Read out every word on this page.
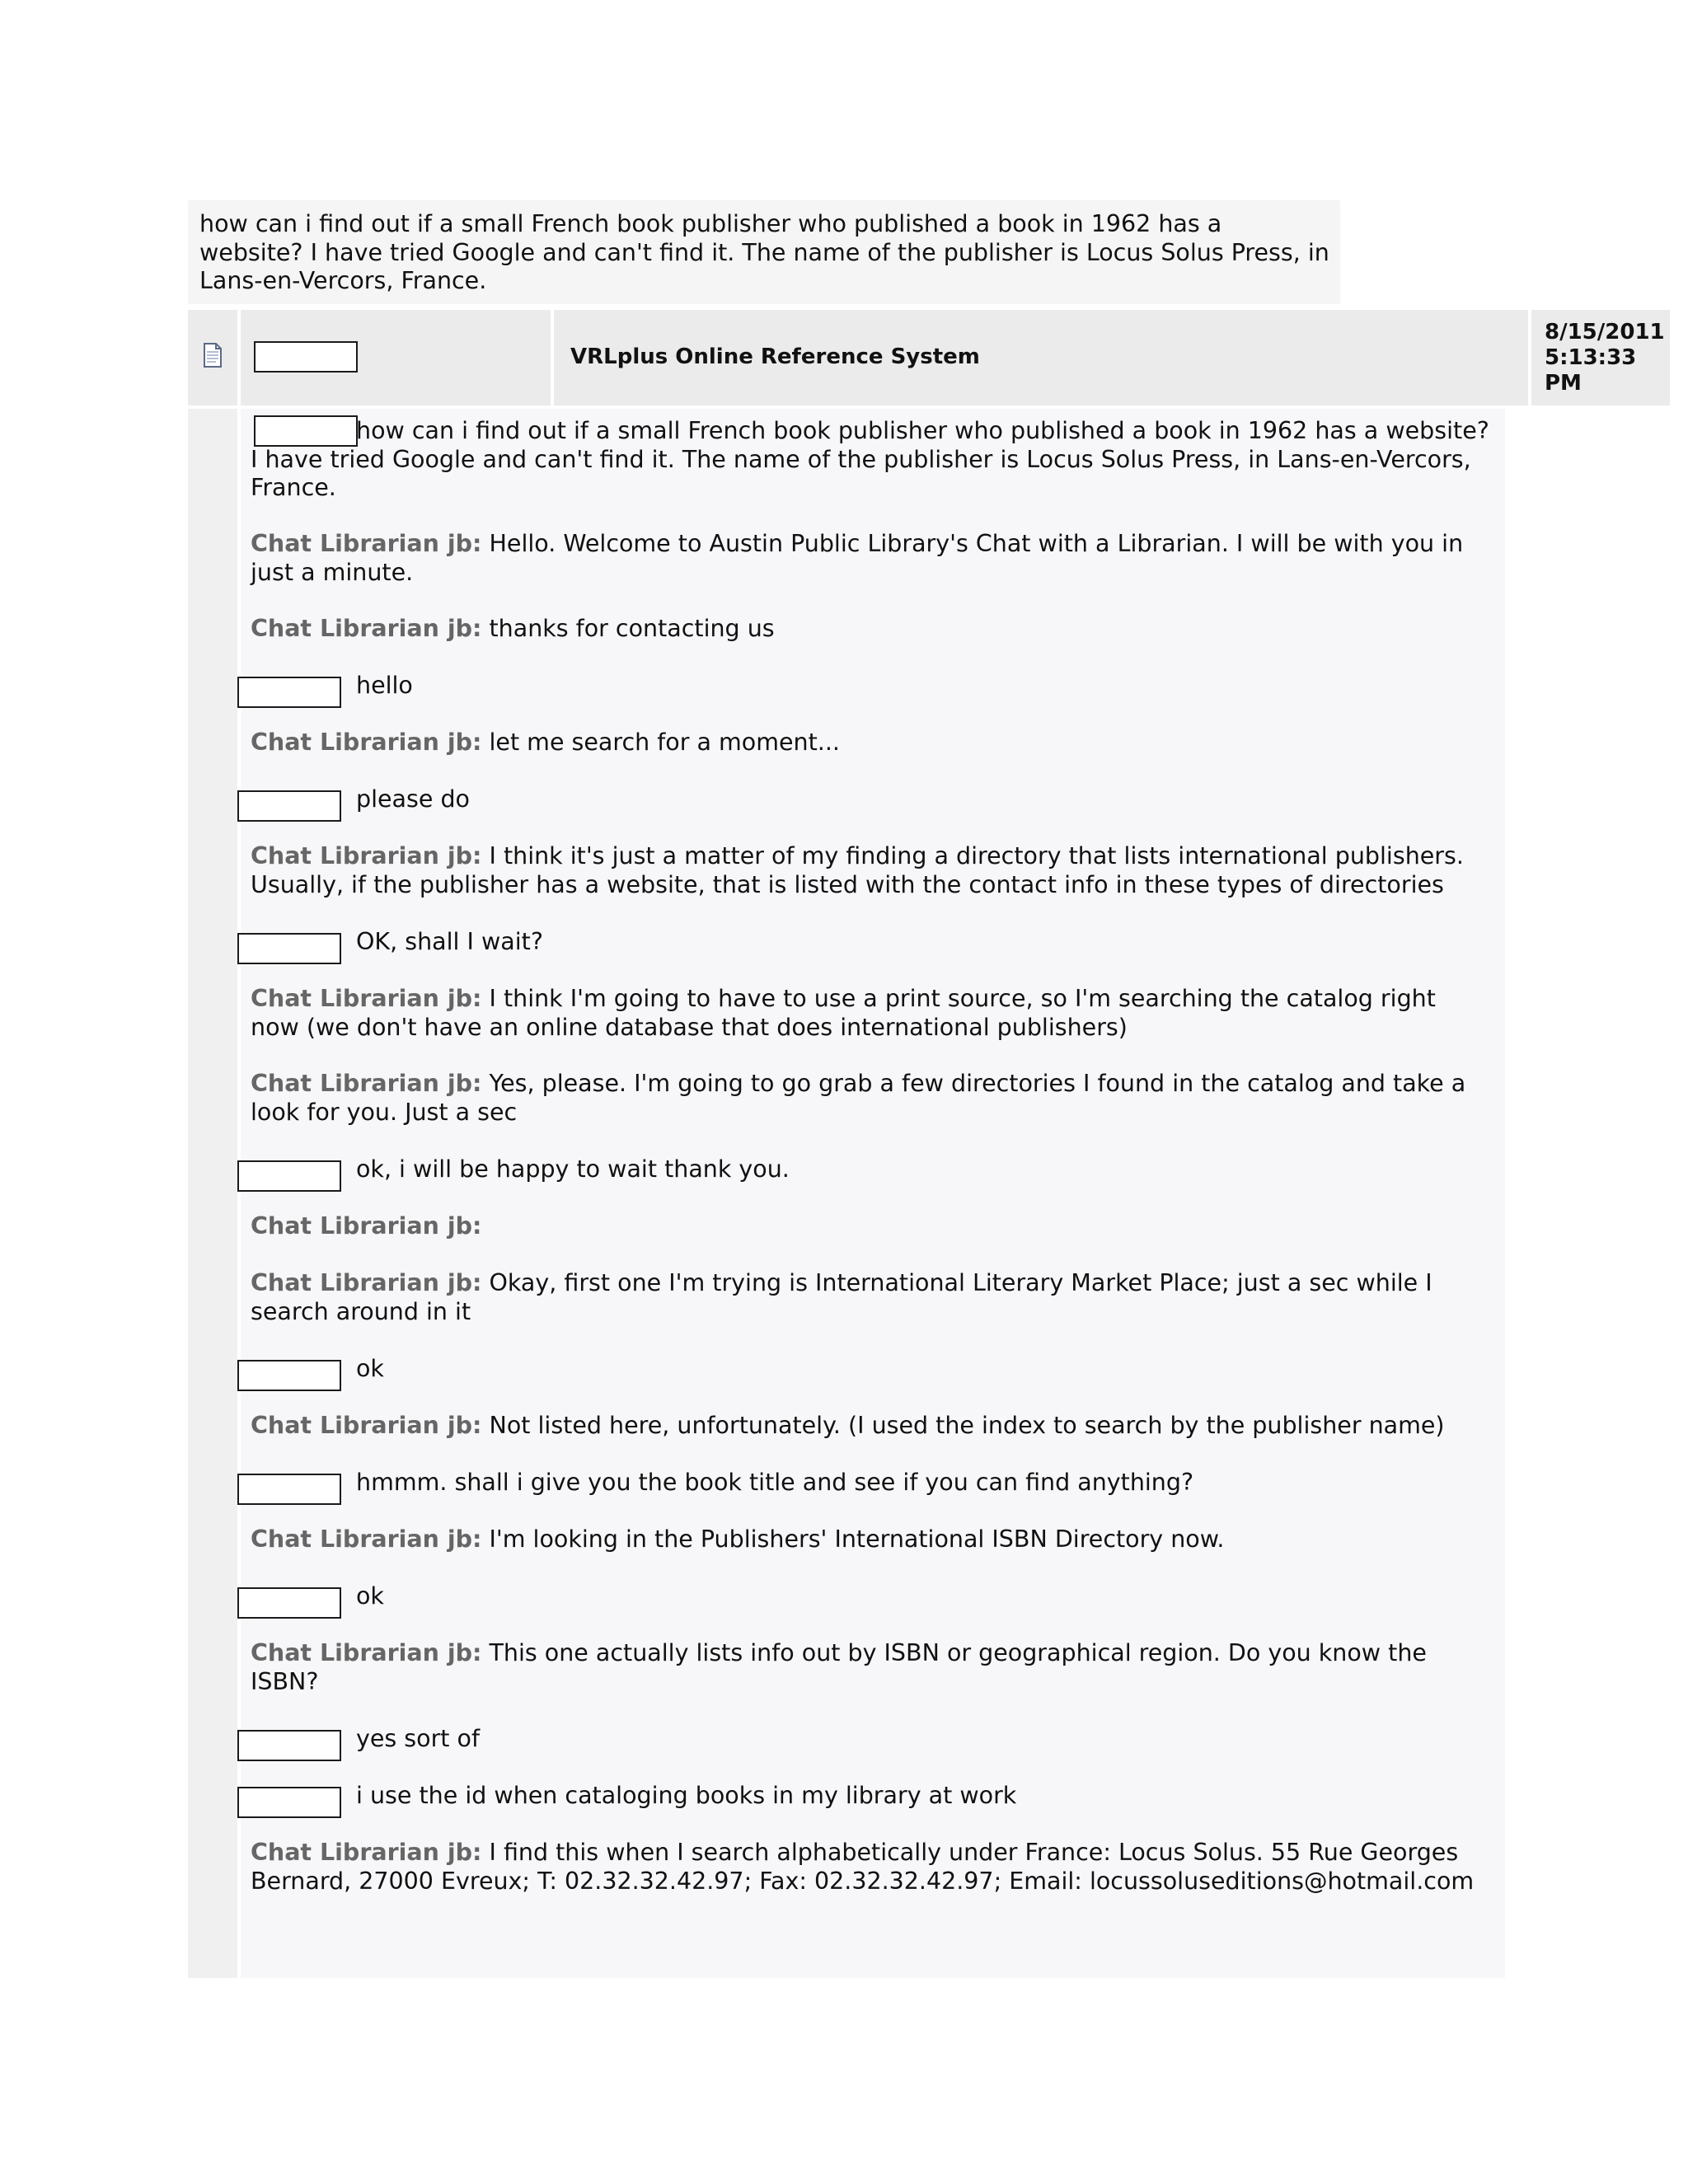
how can i find out if a small French book publisher who published a book in 1962 has a website? I have tried Google and can't find it. The name of the publisher is Locus Solus Press, in Lans-en-Vercors, France.
VRLplus Online Reference System
8/15/2011
5:13:33
PM
how can i find out if a small French book publisher who published a book in 1962 has a website? I have tried Google and can't find it. The name of the publisher is Locus Solus Press, in Lans-en-Vercors, France.
Chat Librarian jb: Hello. Welcome to Austin Public Library's Chat with a Librarian. I will be with you in just a minute.
Chat Librarian jb: thanks for contacting us
hello
Chat Librarian jb: let me search for a moment...
please do
Chat Librarian jb: I think it's just a matter of my finding a directory that lists international publishers. Usually, if the publisher has a website, that is listed with the contact info in these types of directories
OK, shall I wait?
Chat Librarian jb: I think I'm going to have to use a print source, so I'm searching the catalog right now (we don't have an online database that does international publishers)
Chat Librarian jb: Yes, please. I'm going to go grab a few directories I found in the catalog and take a look for you. Just a sec
ok, i will be happy to wait thank you.
Chat Librarian jb:
Chat Librarian jb: Okay, first one I'm trying is International Literary Market Place; just a sec while I search around in it
ok
Chat Librarian jb: Not listed here, unfortunately. (I used the index to search by the publisher name)
hmmm. shall i give you the book title and see if you can find anything?
Chat Librarian jb: I'm looking in the Publishers' International ISBN Directory now.
ok
Chat Librarian jb: This one actually lists info out by ISBN or geographical region. Do you know the ISBN?
yes sort of
i use the id when cataloging books in my library at work
Chat Librarian jb: I find this when I search alphabetically under France: Locus Solus. 55 Rue Georges Bernard, 27000 Evreux; T: 02.32.32.42.97; Fax: 02.32.32.42.97; Email: locussoluseditions@hotmail.com
